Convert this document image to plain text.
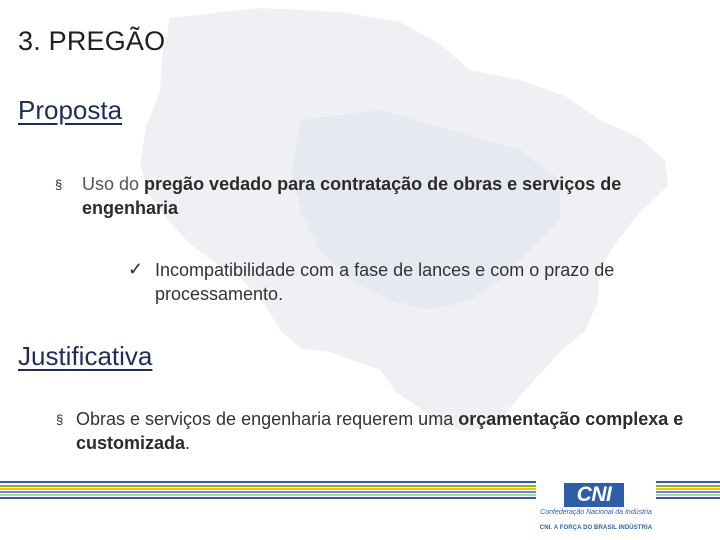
3. PREGÃO
Proposta
§ Uso do pregão vedado para contratação de obras e serviços de engenharia
✓ Incompatibilidade com a fase de lances e com o prazo de processamento.
Justificativa
§ Obras e serviços de engenharia requerem uma orçamentação complexa e customizada.
CNI
Confederação Nacional da Indústria
CNI. A FORÇA DO BRASIL INDÚSTRIA
